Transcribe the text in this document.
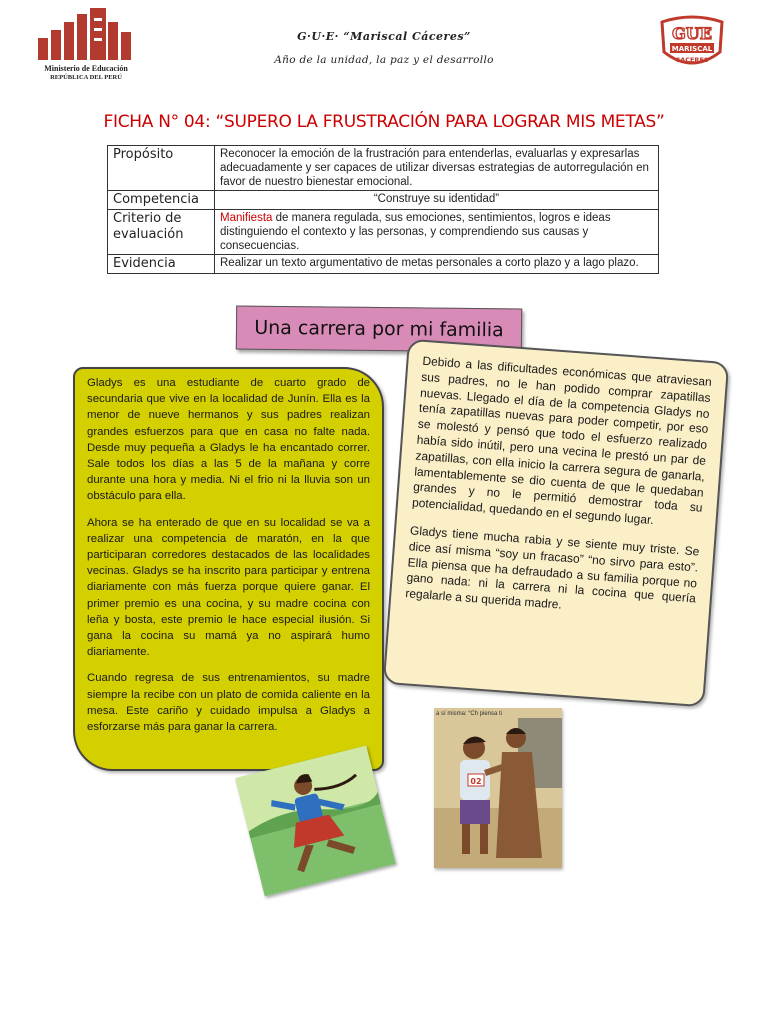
Ministerio de Educación
REPÚBLICA DEL PERÚ
G·U·E· “Mariscal Cáceres”
Año de la unidad, la paz y el desarrollo
GUE
MARISCAL
CACERES
FICHA N° 04: “SUPERO LA FRUSTRACIÓN PARA LOGRAR MIS METAS”
Propósito	Reconocer la emoción de la frustración para entenderlas, evaluarlas y expresarlas adecuadamente y ser capaces de utilizar diversas estrategias de autorregulación en favor de nuestro bienestar emocional.
Competencia	“Construye su identidad”
Criterio de evaluación	Manifiesta de manera regulada, sus emociones, sentimientos, logros e ideas distinguiendo el contexto y las personas, y comprendiendo sus causas y consecuencias.
Evidencia	Realizar un texto argumentativo de metas personales a corto plazo y a lago plazo.
Una carrera por mi familia

Gladys es una estudiante de cuarto grado de secundaria que vive en la localidad de Junín. Ella es la menor de nueve hermanos y sus padres realizan grandes esfuerzos para que en casa no falte nada. Desde muy pequeña a Gladys le ha encantado correr. Sale todos los días a las 5 de la mañana y corre durante una hora y media. Ni el frio ni la lluvia son un obstáculo para ella.

Ahora se ha enterado de que en su localidad se va a realizar una competencia de maratón, en la que participaran corredores destacados de las localidades vecinas. Gladys se ha inscrito para participar y entrena diariamente con más fuerza porque quiere ganar. El primer premio es una cocina, y su madre cocina con leña y bosta, este premio le hace especial ilusión. Si gana la cocina su mamá ya no aspirará humo diariamente.

Cuando regresa de sus entrenamientos, su madre siempre la recibe con un plato de comida caliente en la mesa. Este cariño y cuidado impulsa a Gladys a esforzarse más para ganar la carrera.

Debido a las dificultades económicas que atraviesan sus padres, no le han podido comprar zapatillas nuevas. Llegado el día de la competencia Gladys no tenía zapatillas nuevas para poder competir, por eso se molestó y pensó que todo el esfuerzo realizado había sido inútil, pero una vecina le prestó un par de zapatillas, con ella inicio la carrera segura de ganarla, lamentablemente se dio cuenta de que le quedaban grandes y no le permitió demostrar toda su potencialidad, quedando en el segundo lugar.

Gladys tiene mucha rabia y se siente muy triste. Se dice así misma “soy un fracaso” “no sirvo para esto”. Ella piensa que ha defraudado a su familia porque no gano nada: ni la carrera ni la cocina que quería regalarle a su querida madre.

02
a sí misma: “Ch piensa ti
